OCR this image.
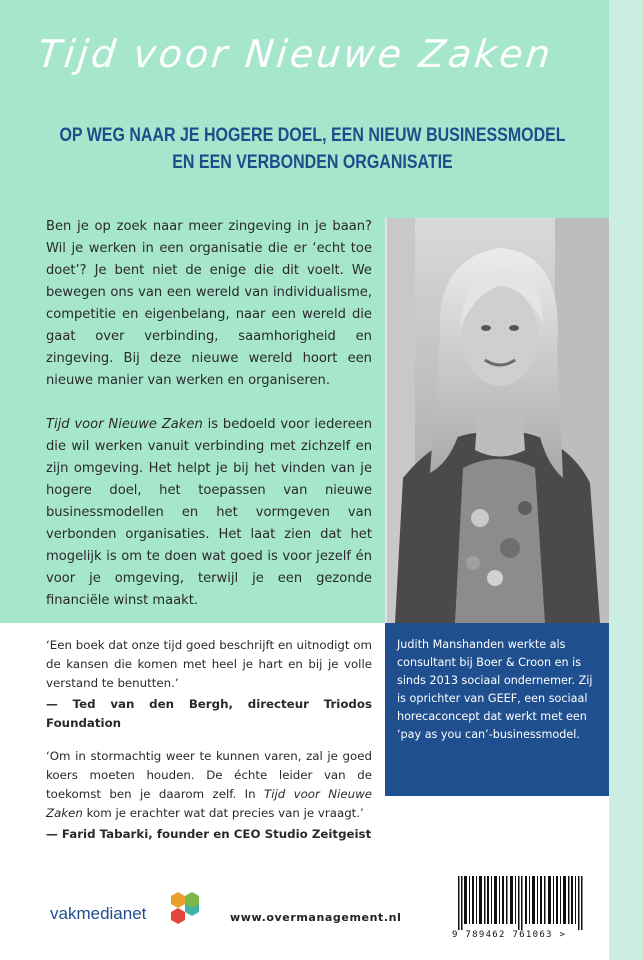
Tijd voor Nieuwe Zaken
OP WEG NAAR JE HOGERE DOEL, EEN NIEUW BUSINESSMODEL
EN EEN VERBONDEN ORGANISATIE

Ben je op zoek naar meer zingeving in je baan? Wil je werken in een organisatie die er ‘echt toe doet’? Je bent niet de enige die dit voelt. We bewegen ons van een wereld van individualisme, competitie en eigenbelang, naar een wereld die gaat over verbinding, saamhorigheid en zingeving. Bij deze nieuwe wereld hoort een nieuwe manier van werken en organiseren.

Tijd voor Nieuwe Zaken is bedoeld voor iedereen die wil werken vanuit verbinding met zichzelf en zijn omgeving. Het helpt je bij het vinden van je hogere doel, het toepassen van nieuwe businessmodellen en het vormgeven van verbonden organisaties. Het laat zien dat het mogelijk is om te doen wat goed is voor jezelf én voor je omgeving, terwijl je een gezonde financiële winst maakt.

Judith Manshanden werkte als consultant bij Boer & Croon en is sinds 2013 sociaal ondernemer. Zij is oprichter van GEEF, een sociaal horecaconcept dat werkt met een ‘pay as you can’-businessmodel.

‘Een boek dat onze tijd goed beschrijft en uitnodigt om de kansen die komen met heel je hart en bij je volle verstand te benutten.’

— Ted van den Bergh, directeur Triodos Foundation

‘Om in stormachtig weer te kunnen varen, zal je goed koers moeten houden. De échte leider van de toekomst ben je daarom zelf. In Tijd voor Nieuwe Zaken kom je erachter wat dat precies van je vraagt.’

— Farid Tabarki, founder en CEO Studio Zeitgeist

vakmedianet	www.overmanagement.nl
9 789462 761063 >
